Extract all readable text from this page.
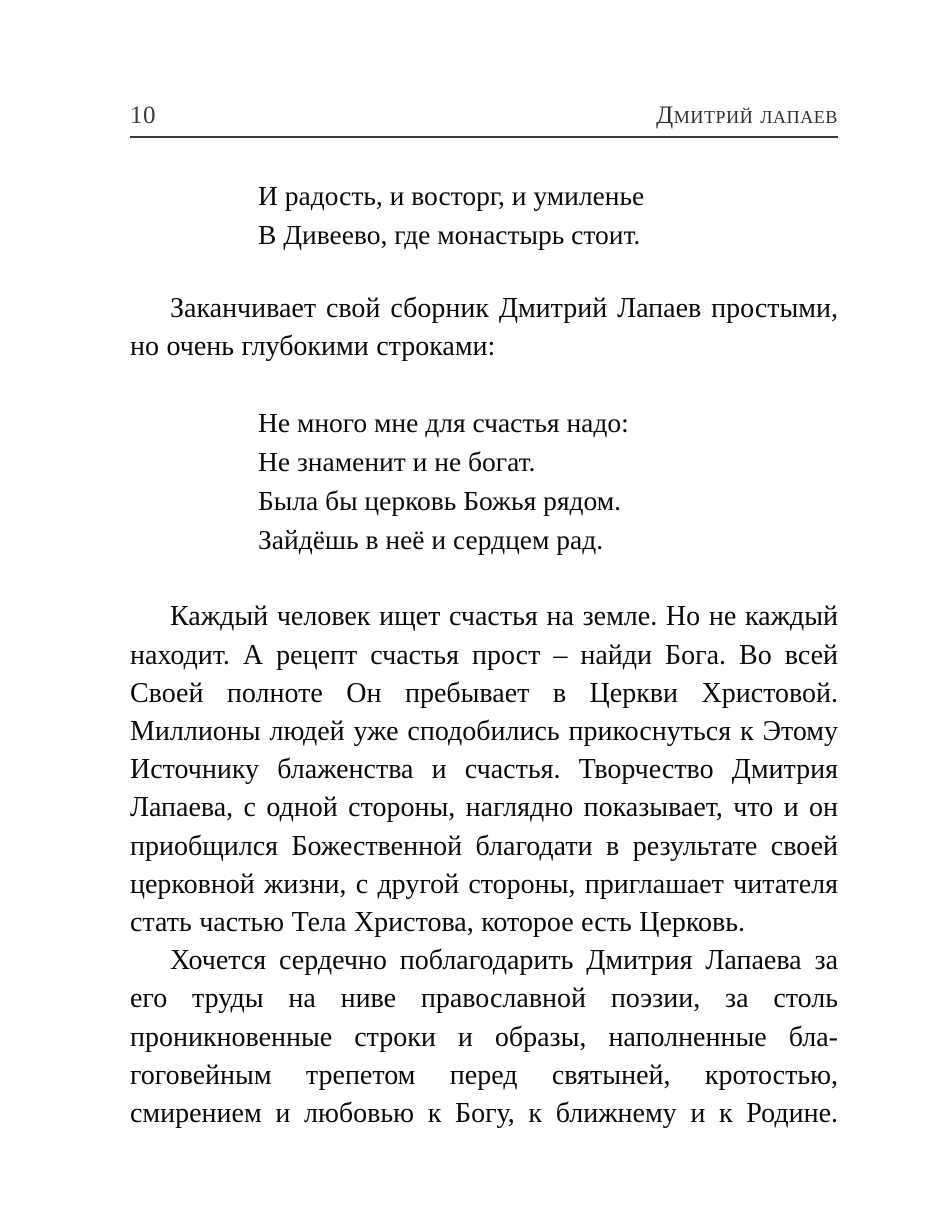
10	дмитрий лапаев
И радость, и восторг, и умиленье
В Дивеево, где монастырь стоит.

Заканчивает свой сборник Дмитрий Лапаев простыми, но очень глубокими строками:

Не много мне для счастья надо:
Не знаменит и не богат.
Была бы церковь Божья рядом.
Зайдёшь в неё и сердцем рад.

Каждый человек ищет счастья на земле. Но не каждый находит. А рецепт счастья прост – найди Бога. Во всей Своей полноте Он пребывает в Церкви Христовой. Миллионы людей уже сподобились прикоснуться к Этому Источнику блаженства и счастья. Творчество Дмитрия Лапаева, с одной стороны, наглядно показывает, что и он приобщился Божественной благодати в результате своей церковной жизни, с другой стороны, приглашает читателя стать частью Тела Христова, которое есть Церковь.

Хочется сердечно поблагодарить Дмитрия Лапаева за его труды на ниве православной поэзии, за столь проникновенные строки и образы, наполненные благоговейным трепетом перед святыней, кротостью, смирением и любовью к Богу, к ближнему и к Родине.
